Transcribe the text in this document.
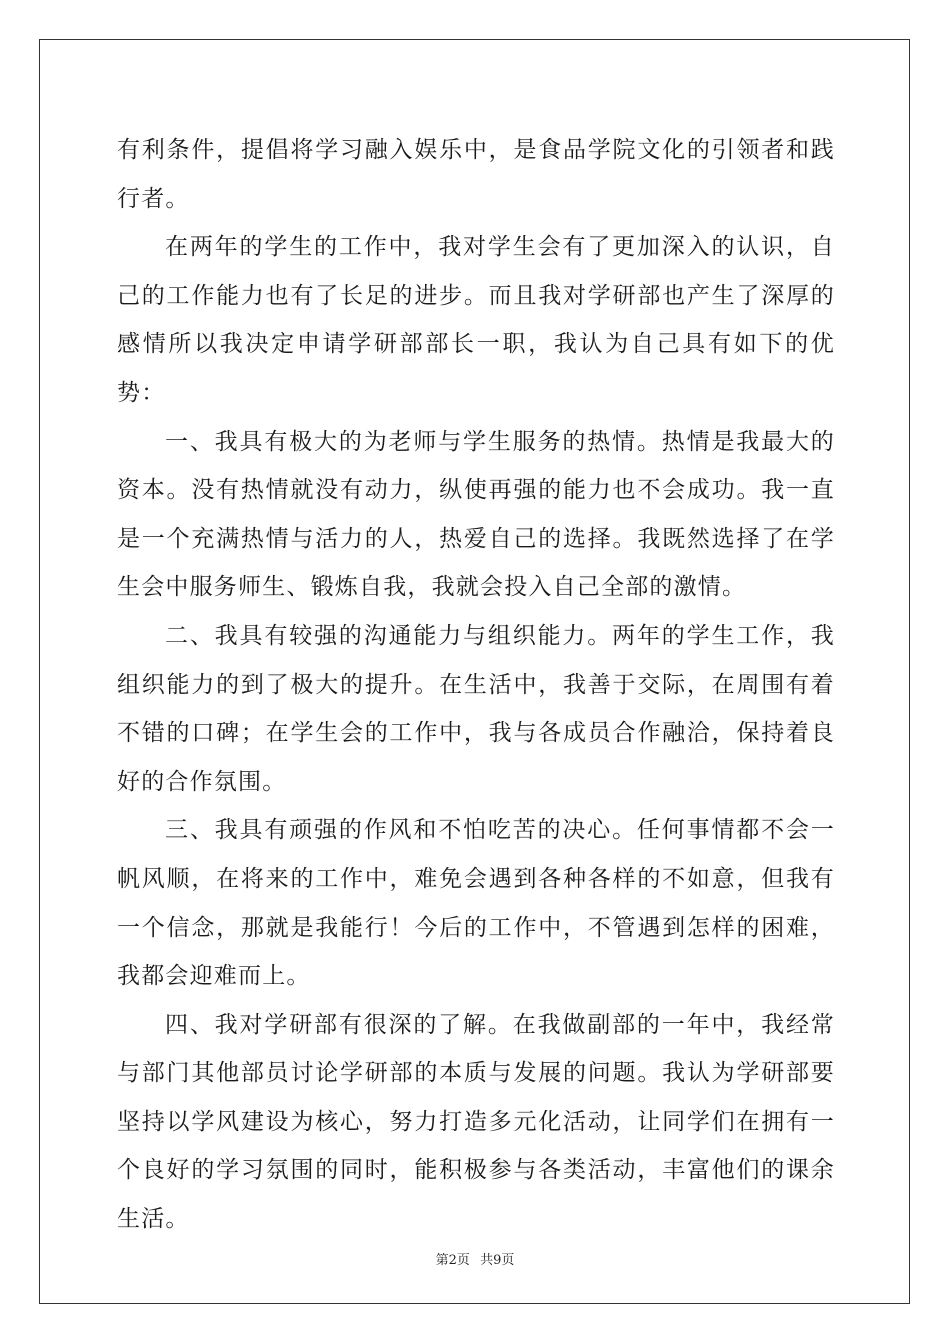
有利条件，提倡将学习融入娱乐中，是食品学院文化的引领者和践行者。

在两年的学生的工作中，我对学生会有了更加深入的认识，自己的工作能力也有了长足的进步。而且我对学研部也产生了深厚的感情所以我决定申请学研部部长一职，我认为自己具有如下的优势：

一、我具有极大的为老师与学生服务的热情。热情是我最大的资本。没有热情就没有动力，纵使再强的能力也不会成功。我一直是一个充满热情与活力的人，热爱自己的选择。我既然选择了在学生会中服务师生、锻炼自我，我就会投入自己全部的激情。

二、我具有较强的沟通能力与组织能力。两年的学生工作，我组织能力的到了极大的提升。在生活中，我善于交际，在周围有着不错的口碑；在学生会的工作中，我与各成员合作融洽，保持着良好的合作氛围。

三、我具有顽强的作风和不怕吃苦的决心。任何事情都不会一帆风顺，在将来的工作中，难免会遇到各种各样的不如意，但我有一个信念，那就是我能行！今后的工作中，不管遇到怎样的困难，我都会迎难而上。

四、我对学研部有很深的了解。在我做副部的一年中，我经常与部门其他部员讨论学研部的本质与发展的问题。我认为学研部要坚持以学风建设为核心，努力打造多元化活动，让同学们在拥有一个良好的学习氛围的同时，能积极参与各类活动，丰富他们的课余生活。

第2页 共9页
